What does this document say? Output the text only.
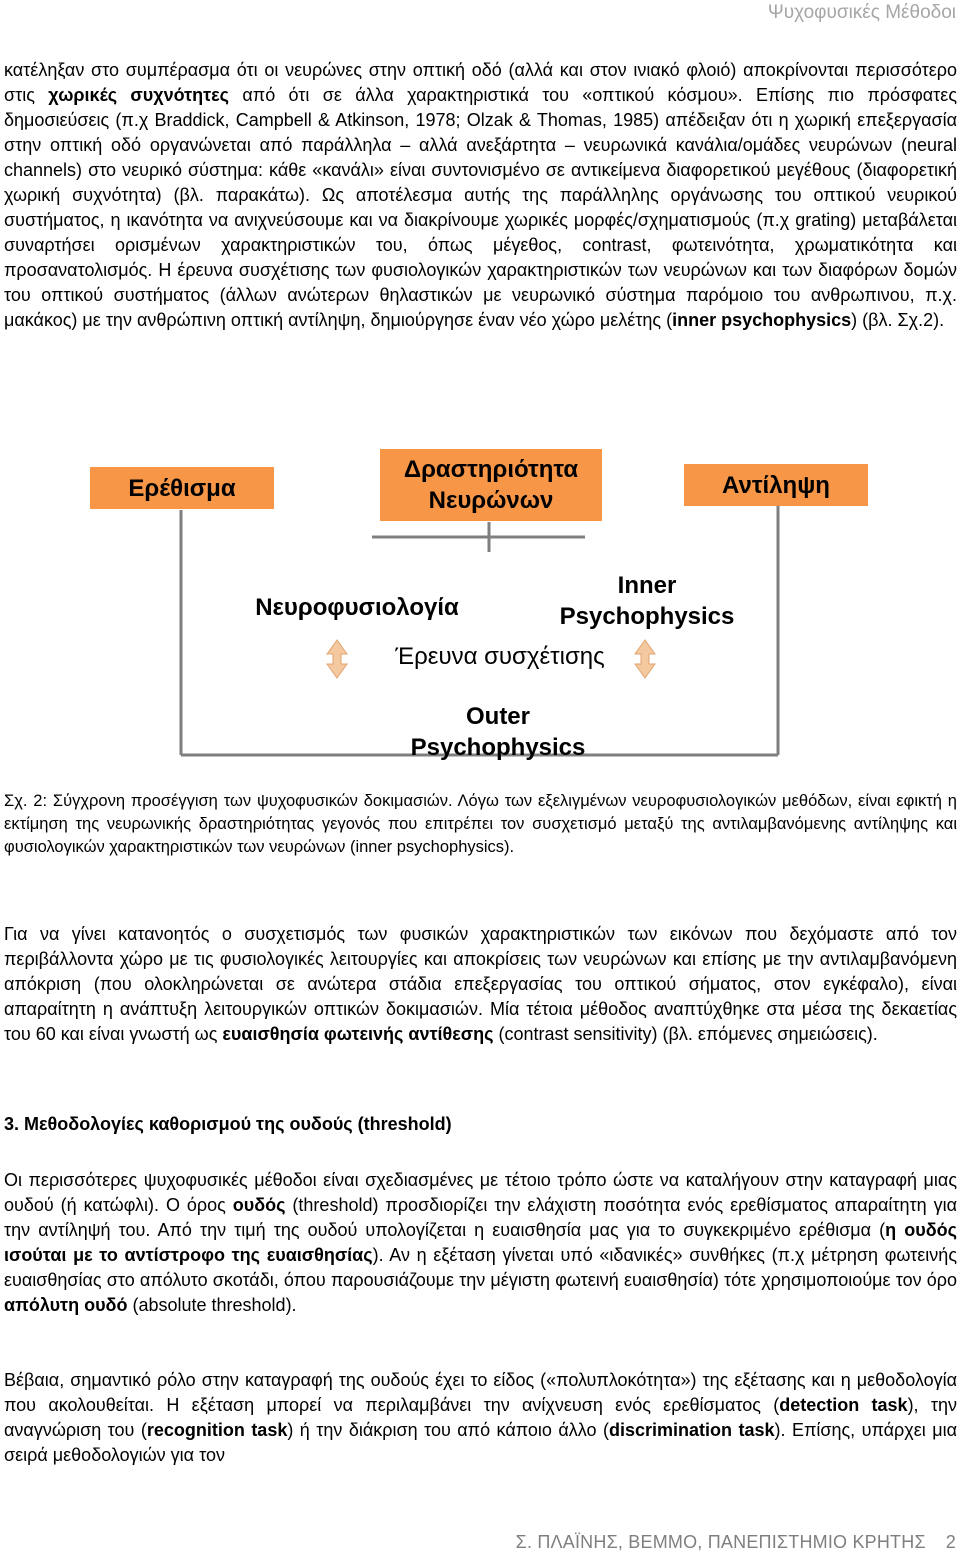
Ψυχοφυσικές Μέθοδοι

κατέληξαν στο συμπέρασμα ότι οι νευρώνες στην οπτική οδό (αλλά και στον ινιακό φλοιό) αποκρίνονται περισσότερο στις χωρικές συχνότητες από ότι σε άλλα χαρακτηριστικά του «οπτικού κόσμου». Επίσης πιο πρόσφατες δημοσιεύσεις (π.χ Braddick, Campbell & Atkinson, 1978; Olzak & Thomas, 1985) απέδειξαν ότι η χωρική επεξεργασία στην οπτική οδό οργανώνεται από παράλληλα – αλλά ανεξάρτητα – νευρωνικά κανάλια/ομάδες νευρώνων (neural channels) στο νευρικό σύστημα: κάθε «κανάλι» είναι συντονισμένο σε αντικείμενα διαφορετικού μεγέθους (διαφορετική χωρική συχνότητα) (βλ. παρακάτω). Ως αποτέλεσμα αυτής της παράλληλης οργάνωσης του οπτικού νευρικού συστήματος, η ικανότητα να ανιχνεύσουμε και να διακρίνουμε χωρικές μορφές/σχηματισμούς (π.χ grating) μεταβάλεται συναρτήσει ορισμένων χαρακτηριστικών του, όπως μέγεθος, contrast, φωτεινότητα, χρωματικότητα και προσανατολισμός. Η έρευνα συσχέτισης των φυσιολογικών χαρακτηριστικών των νευρώνων και των διαφόρων δομών του οπτικού συστήματος (άλλων ανώτερων θηλαστικών με νευρωνικό σύστημα παρόμοιο του ανθρωπινου, π.χ. μακάκος) με την ανθρώπινη οπτική αντίληψη, δημιούργησε έναν νέο χώρο μελέτης (inner psychophysics) (βλ. Σχ.2).

Ερέθισμα
Δραστηριότητα
Νευρώνων
Αντίληψη
Νευροφυσιολογία
Inner
Psychophysics
Έρευνα συσχέτισης
Outer
Psychophysics

Σχ. 2: Σύγχρονη προσέγγιση των ψυχοφυσικών δοκιμασιών. Λόγω των εξελιγμένων νευροφυσιολογικών μεθόδων, είναι εφικτή η εκτίμηση της νευρωνικής δραστηριότητας γεγονός που επιτρέπει τον συσχετισμό μεταξύ της αντιλαμβανόμενης αντίληψης και φυσιολογικών χαρακτηριστικών των νευρώνων (inner psychophysics).

Για να γίνει κατανοητός ο συσχετισμός των φυσικών χαρακτηριστικών των εικόνων που δεχόμαστε από τον περιβάλλοντα χώρο με τις φυσιολογικές λειτουργίες και αποκρίσεις των νευρώνων και επίσης με την αντιλαμβανόμενη απόκριση (που ολοκληρώνεται σε ανώτερα στάδια επεξεργασίας του οπτικού σήματος, στον εγκέφαλο), είναι απαραίτητη η ανάπτυξη λειτουργικών οπτικών δοκιμασιών. Μία τέτοια μέθοδος αναπτύχθηκε στα μέσα της δεκαετίας του 60 και είναι γνωστή ως ευαισθησία φωτεινής αντίθεσης (contrast sensitivity) (βλ. επόμενες σημειώσεις).

3. Μεθοδολογίες καθορισμού της ουδούς (threshold)

Οι περισσότερες ψυχοφυσικές μέθοδοι είναι σχεδιασμένες με τέτοιο τρόπο ώστε να καταλήγουν στην καταγραφή μιας ουδού (ή κατώφλι). Ο όρος ουδός (threshold) προσδιορίζει την ελάχιστη ποσότητα ενός ερεθίσματος απαραίτητη για την αντίληψή του. Από την τιμή της ουδού υπολογίζεται η ευαισθησία μας για το συγκεκριμένο ερέθισμα (η ουδός ισούται με το αντίστροφο της ευαισθησίας). Αν η εξέταση γίνεται υπό «ιδανικές» συνθήκες (π.χ μέτρηση φωτεινής ευαισθησίας στο απόλυτο σκοτάδι, όπου παρουσιάζουμε την μέγιστη φωτεινή ευαισθησία) τότε χρησιμοποιούμε τον όρο απόλυτη ουδό (absolute threshold).

Βέβαια, σημαντικό ρόλο στην καταγραφή της ουδούς έχει το είδος («πολυπλοκότητα») της εξέτασης και η μεθοδολογία που ακολουθείται. Η εξέταση μπορεί να περιλαμβάνει την ανίχνευση ενός ερεθίσματος (detection task), την αναγνώριση του (recognition task) ή την διάκριση του από κάποιο άλλο (discrimination task). Επίσης, υπάρχει μια σειρά μεθοδολογιών για τον

Σ. ΠΛΑΪΝΗΣ, ΒΕΜΜΟ, ΠΑΝΕΠΙΣΤΗΜΙΟ ΚΡΗΤΗΣ 2
